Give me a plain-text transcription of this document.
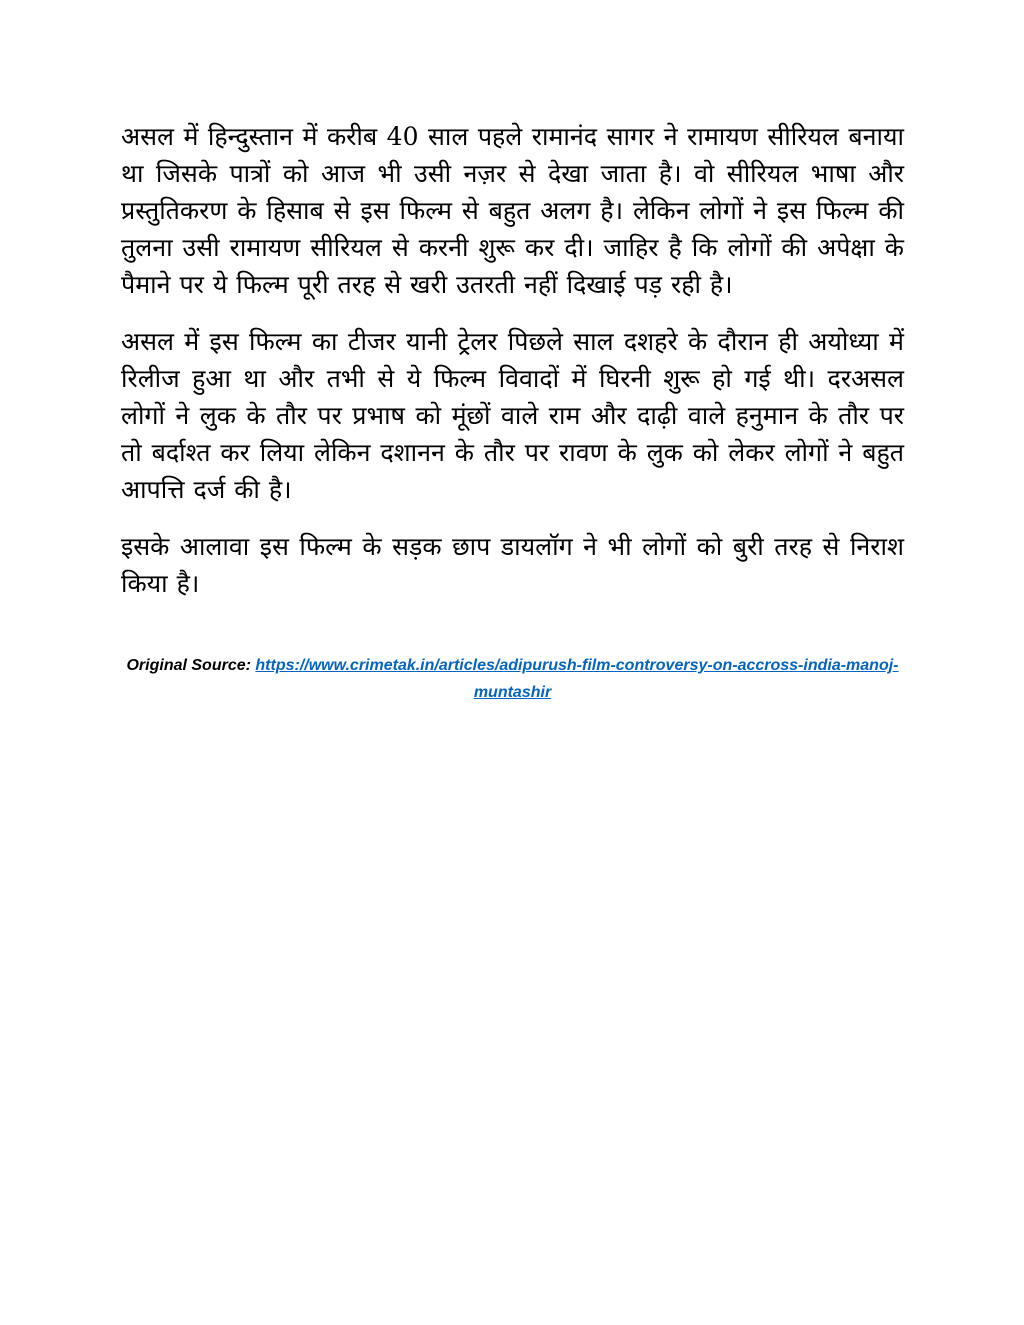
असल में हिन्दुस्तान में करीब 40 साल पहले रामानंद सागर ने रामायण सीरियल बनाया था जिसके पात्रों को आज भी उसी नज़र से देखा जाता है। वो सीरियल भाषा और प्रस्तुतिकरण के हिसाब से इस फिल्म से बहुत अलग है। लेकिन लोगों ने इस फिल्म की तुलना उसी रामायण सीरियल से करनी शुरू कर दी। जाहिर है कि लोगों की अपेक्षा के पैमाने पर ये फिल्म पूरी तरह से खरी उतरती नहीं दिखाई पड़ रही है।

असल में इस फिल्म का टीजर यानी ट्रेलर पिछले साल दशहरे के दौरान ही अयोध्या में रिलीज हुआ था और तभी से ये फिल्म विवादों में घिरनी शुरू हो गई थी। दरअसल लोगों ने लुक के तौर पर प्रभाष को मूंछों वाले राम और दाढ़ी वाले हनुमान के तौर पर तो बर्दाश्त कर लिया लेकिन दशानन के तौर पर रावण के लुक को लेकर लोगों ने बहुत आपत्ति दर्ज की है।

इसके आलावा इस फिल्म के सड़क छाप डायलॉग ने भी लोगों को बुरी तरह से निराश किया है।

Original Source: https://www.crimetak.in/articles/adipurush-film-controversy-on-accross-india-manoj-muntashir
